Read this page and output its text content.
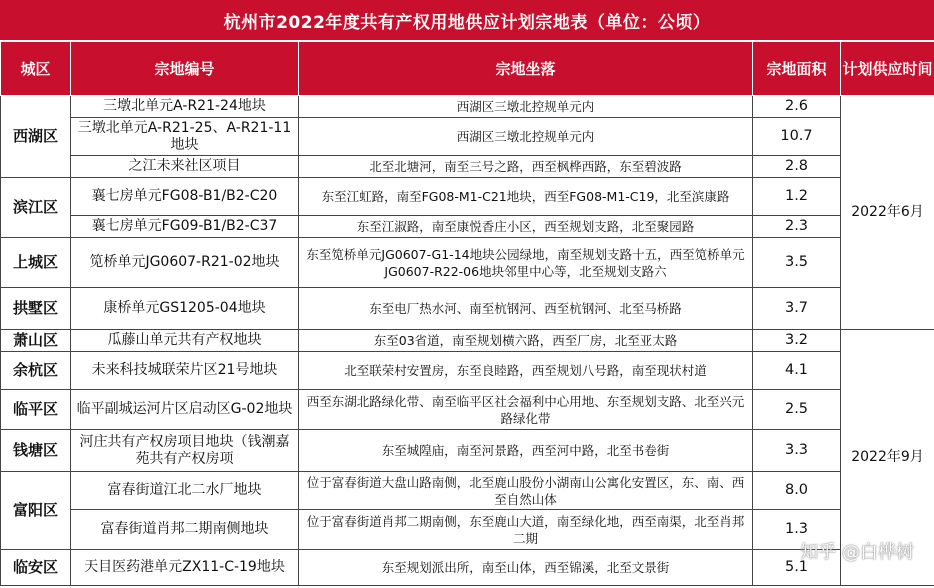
杭州市2022年度共有产权用地供应计划宗地表（单位：公顷）
城区	宗地编号	宗地坐落	宗地面积	计划供应时间
西湖区	三墩北单元A-R21-24地块	西湖区三墩北控规单元内	2.6	2022年6月
	三墩北单元A-R21-25、A-R21-11地块	西湖区三墩北控规单元内	10.7	
	之江未来社区项目	北至北塘河，南至三号之路，西至枫桦西路，东至碧波路	2.8	
滨江区	襄七房单元FG08-B1/B2-C20	东至江虹路，南至FG08-M1-C21地块，西至FG08-M1-C19，北至滨康路	1.2	
	襄七房单元FG09-B1/B2-C37	东至江淑路，南至康悦香庄小区，西至规划支路，北至聚园路	2.3	
上城区	笕桥单元JG0607-R21-02地块	东至笕桥单元JG0607-G1-14地块公园绿地，南至规划支路十五，西至笕桥单元JG0607-R22-06地块邻里中心等，北至规划支路六	3.5	
拱墅区	康桥单元GS1205-04地块	东至电厂热水河、南至杭钢河、西至杭钢河、北至马桥路	3.7	
萧山区	瓜藤山单元共有产权地块	东至03省道，南至规划横六路，西至厂房，北至亚太路	3.2	2022年9月
余杭区	未来科技城联荣片区21号地块	北至联荣村安置房，东至良睦路，西至规划八号路，南至现状村道	4.1	
临平区	临平副城运河片区启动区G-02地块	西至东湖北路绿化带、南至临平区社会福利中心用地、东至规划支路、北至兴元路绿化带	2.5	
钱塘区	河庄共有产权房项目地块（钱潮嘉苑共有产权房项	东至城隍庙，南至河景路，西至河中路，北至书卷街	3.3	
富阳区	富春街道江北二水厂地块	位于富春街道大盘山路南侧，北至鹿山股份小湖南山公寓化安置区，东、南、西至自然山体	8.0	
	富春街道肖邦二期南侧地块	位于富春街道肖邦二期南侧，东至鹿山大道，南至绿化地，西至南渠，北至肖邦二期	1.3	
临安区	天目医药港单元ZX11-C-19地块	东至规划派出所，南至山体，西至锦溪，北至文景街	5.1	
知乎 @白桦树
